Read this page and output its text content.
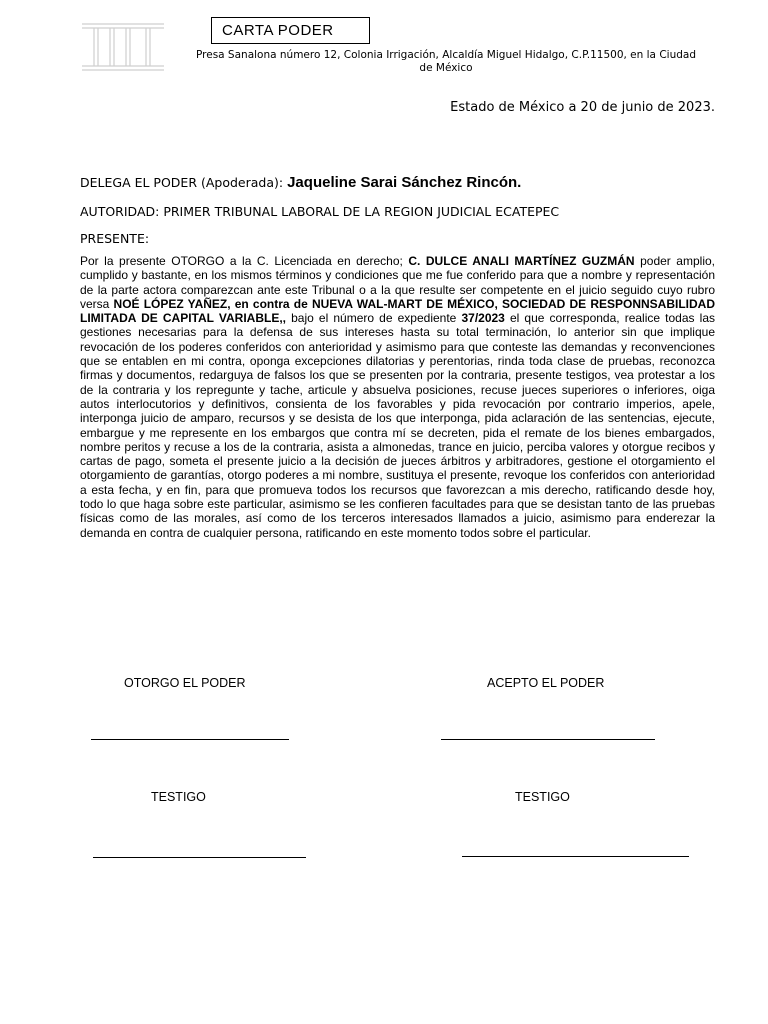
CARTA PODER
Presa Sanalona número 12, Colonia Irrigación, Alcaldía Miguel Hidalgo, C.P.11500, en la Ciudad de México
Estado de México a 20 de junio de 2023.
DELEGA EL PODER (Apoderada): Jaqueline Sarai Sánchez Rincón.
AUTORIDAD: PRIMER TRIBUNAL LABORAL DE LA REGION JUDICIAL ECATEPEC
PRESENTE:
Por la presente OTORGO a la C. Licenciada en derecho; C. DULCE ANALI MARTÍNEZ GUZMÁN poder amplio, cumplido y bastante, en los mismos términos y condiciones que me fue conferido para que a nombre y representación de la parte actora comparezcan ante este Tribunal o a la que resulte ser competente en el juicio seguido cuyo rubro versa NOÉ LÓPEZ YAÑEZ, en contra de NUEVA WAL-MART DE MÉXICO, SOCIEDAD DE RESPONNSABILIDAD LIMITADA DE CAPITAL VARIABLE,, bajo el número de expediente 37/2023 el que corresponda, realice todas las gestiones necesarias para la defensa de sus intereses hasta su total terminación, lo anterior sin que implique revocación de los poderes conferidos con anterioridad y asimismo para que conteste las demandas y reconvenciones que se entablen en mi contra, oponga excepciones dilatorias y perentorias, rinda toda clase de pruebas, reconozca firmas y documentos, redarguya de falsos los que se presenten por la contraria, presente testigos, vea protestar a los de la contraria y los repregunte y tache, articule y absuelva posiciones, recuse jueces superiores o inferiores, oiga autos interlocutorios y definitivos, consienta de los favorables y pida revocación por contrario imperios, apele, interponga juicio de amparo, recursos y se desista de los que interponga, pida aclaración de las sentencias, ejecute, embargue y me represente en los embargos que contra mí se decreten, pida el remate de los bienes embargados, nombre peritos y recuse a los de la contraria, asista a almonedas, trance en juicio, perciba valores y otorgue recibos y cartas de pago, someta el presente juicio a la decisión de jueces árbitros y arbitradores, gestione el otorgamiento el otorgamiento de garantías, otorgo poderes a mi nombre, sustituya el presente, revoque los conferidos con anterioridad a esta fecha, y en fin, para que promueva todos los recursos que favorezcan a mis derecho, ratificando desde hoy, todo lo que haga sobre este particular, asimismo se les confieren facultades para que se desistan tanto de las pruebas físicas como de las morales, así como de los terceros interesados llamados a juicio, asimismo para enderezar la demanda en contra de cualquier persona, ratificando en este momento todos sobre el particular.
OTORGO EL PODER	ACEPTO EL PODER
TESTIGO	TESTIGO
